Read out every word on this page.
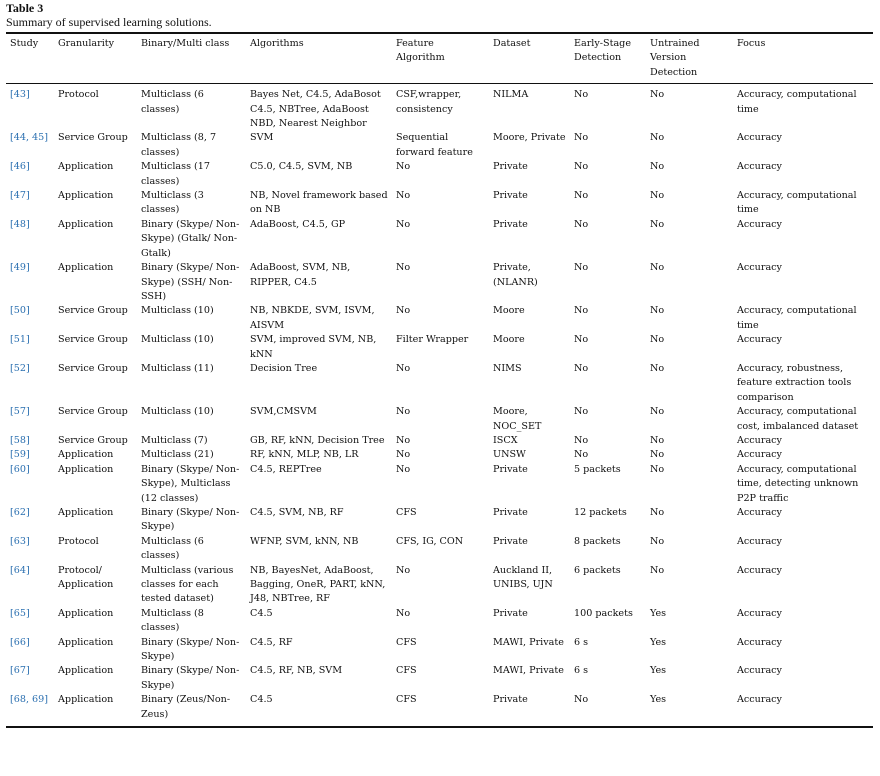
Table 3
Summary of supervised learning solutions.
Study	Granularity	Binary/Multi class	Algorithms	Feature Algorithm	Dataset	Early-Stage Detection	Untrained Version Detection	Focus

[43]	Protocol	Multiclass (6 classes)	Bayes Net, C4.5, AdaBosot C4.5, NBTree, AdaBoost NBD, Nearest Neighbor	CSF,wrapper, consistency	NILMA	No	No	Accuracy, computational time
[44, 45]	Service Group	Multiclass (8, 7 classes)	SVM	Sequential forward feature	Moore, Private	No	No	Accuracy
[46]	Application	Multiclass (17 classes)	C5.0, C4.5, SVM, NB	No	Private	No	No	Accuracy
[47]	Application	Multiclass (3 classes)	NB, Novel framework based on NB	No	Private	No	No	Accuracy, computational time
[48]	Application	Binary (Skype/ Non-Skype) (Gtalk/ Non-Gtalk)	AdaBoost, C4.5, GP	No	Private	No	No	Accuracy
[49]	Application	Binary (Skype/ Non-Skype) (SSH/ Non-SSH)	AdaBoost, SVM, NB, RIPPER, C4.5	No	Private, (NLANR)	No	No	Accuracy
[50]	Service Group	Multiclass (10)	NB, NBKDE, SVM, ISVM, AISVM	No	Moore	No	No	Accuracy, computational time
[51]	Service Group	Multiclass (10)	SVM, improved SVM, NB, kNN	Filter Wrapper	Moore	No	No	Accuracy
[52]	Service Group	Multiclass (11)	Decision Tree	No	NIMS	No	No	Accuracy, robustness, feature extraction tools comparison
[57]	Service Group	Multiclass (10)	SVM,CMSVM	No	Moore, NOC_SET	No	No	Accuracy, computational cost, imbalanced dataset
[58]	Service Group	Multiclass (7)	GB, RF, kNN, Decision Tree	No	ISCX	No	No	Accuracy
[59]	Application	Multiclass (21)	RF, kNN, MLP, NB, LR	No	UNSW	No	No	Accuracy
[60]	Application	Binary (Skype/ Non-Skype), Multiclass (12 classes)	C4.5, REPTree	No	Private	5 packets	No	Accuracy, computational time, detecting unknown P2P traffic
[62]	Application	Binary (Skype/ Non-Skype)	C4.5, SVM, NB, RF	CFS	Private	12 packets	No	Accuracy
[63]	Protocol	Multiclass (6 classes)	WFNP, SVM, kNN, NB	CFS, IG, CON	Private	8 packets	No	Accuracy
[64]	Protocol/ Application	Multiclass (various classes for each tested dataset)	NB, BayesNet, AdaBoost, Bagging, OneR, PART, kNN, J48, NBTree, RF	No	Auckland II, UNIBS, UJN	6 packets	No	Accuracy
[65]	Application	Multiclass (8 classes)	C4.5	No	Private	100 packets	Yes	Accuracy
[66]	Application	Binary (Skype/ Non-Skype)	C4.5, RF	CFS	MAWI, Private	6 s	Yes	Accuracy
[67]	Application	Binary (Skype/ Non-Skype)	C4.5, RF, NB, SVM	CFS	MAWI, Private	6 s	Yes	Accuracy
[68, 69]	Application	Binary (Zeus/Non-Zeus)	C4.5	CFS	Private	No	Yes	Accuracy
